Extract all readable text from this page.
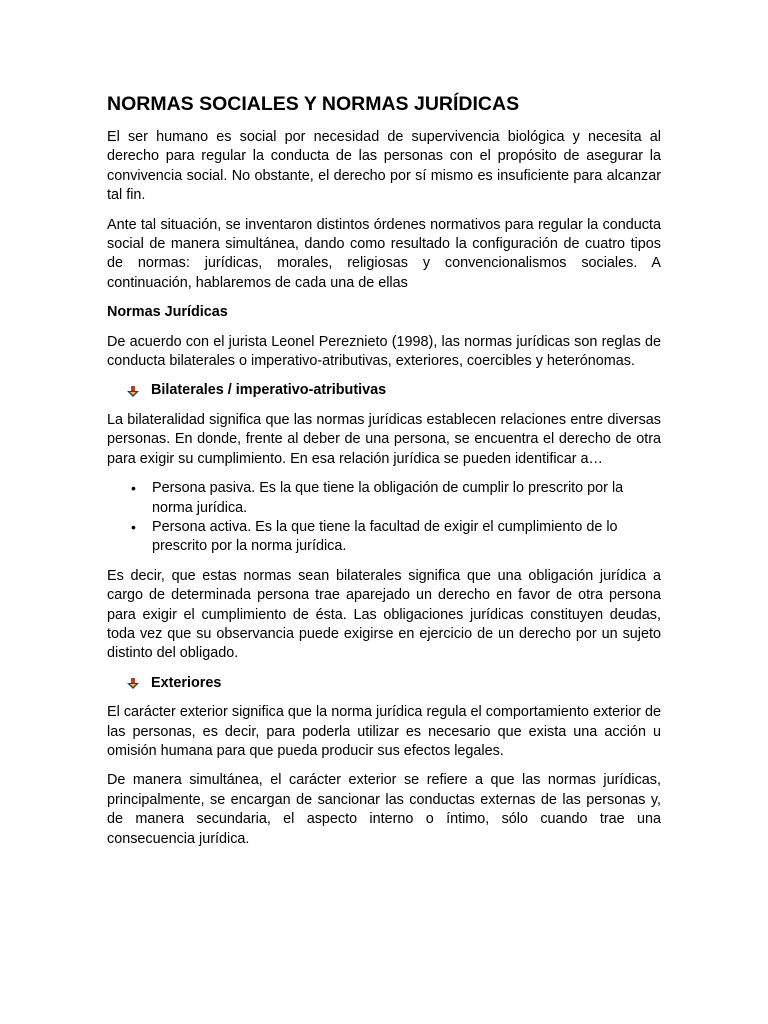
NORMAS SOCIALES Y NORMAS JURÍDICAS

El ser humano es social por necesidad de supervivencia biológica y necesita al derecho para regular la conducta de las personas con el propósito de asegurar la convivencia social. No obstante, el derecho por sí mismo es insuficiente para alcanzar tal fin.

Ante tal situación, se inventaron distintos órdenes normativos para regular la conducta social de manera simultánea, dando como resultado la configuración de cuatro tipos de normas: jurídicas, morales, religiosas y convencionalismos sociales. A continuación, hablaremos de cada una de ellas

Normas Jurídicas

De acuerdo con el jurista Leonel Pereznieto (1998), las normas jurídicas son reglas de conducta bilaterales o imperativo-atributivas, exteriores, coercibles y heterónomas.

Bilaterales / imperativo-atributivas

La bilateralidad significa que las normas jurídicas establecen relaciones entre diversas personas. En donde, frente al deber de una persona, se encuentra el derecho de otra para exigir su cumplimiento. En esa relación jurídica se pueden identificar a…

• Persona pasiva. Es la que tiene la obligación de cumplir lo prescrito por la norma jurídica.
• Persona activa. Es la que tiene la facultad de exigir el cumplimiento de lo prescrito por la norma jurídica.

Es decir, que estas normas sean bilaterales significa que una obligación jurídica a cargo de determinada persona trae aparejado un derecho en favor de otra persona para exigir el cumplimiento de ésta. Las obligaciones jurídicas constituyen deudas, toda vez que su observancia puede exigirse en ejercicio de un derecho por un sujeto distinto del obligado.

Exteriores

El carácter exterior significa que la norma jurídica regula el comportamiento exterior de las personas, es decir, para poderla utilizar es necesario que exista una acción u omisión humana para que pueda producir sus efectos legales.

De manera simultánea, el carácter exterior se refiere a que las normas jurídicas, principalmente, se encargan de sancionar las conductas externas de las personas y, de manera secundaria, el aspecto interno o íntimo, sólo cuando trae una consecuencia jurídica.
